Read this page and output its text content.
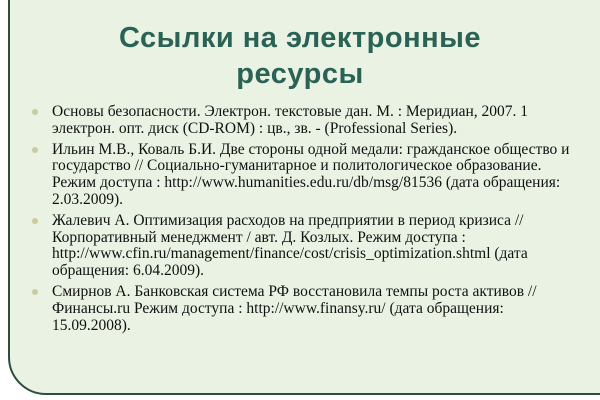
Ссылки на электронные
ресурсы
Основы безопасности. Электрон. текстовые дан. М. : Меридиан, 2007. 1 электрон. опт. диск (CD-ROM) : цв., зв. - (Professional Series).
Ильин М.В., Коваль Б.И. Две стороны одной медали: гражданское общество и государство // Социально-гуманитарное и политологическое образование. Режим доступа : http://www.humanities.edu.ru/db/msg/81536 (дата обращения: 2.03.2009).
Жалевич А. Оптимизация расходов на предприятии в период кризиса // Корпоративный менеджмент / авт. Д. Козлых. Режим доступа : http://www.cfin.ru/management/finance/cost/crisis_optimization.shtml (дата обращения: 6.04.2009).
Смирнов А. Банковская система РФ восстановила темпы роста активов // Финансы.ru Режим доступа : http://www.finansy.ru/ (дата обращения: 15.09.2008).
